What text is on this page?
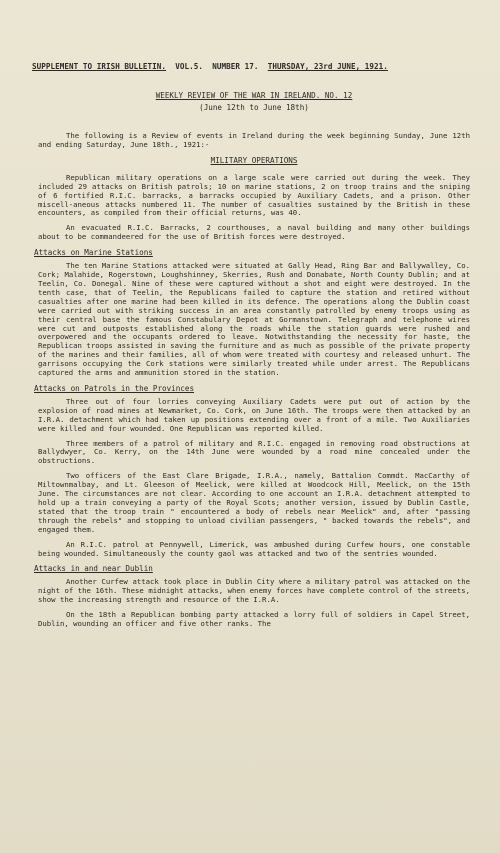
SUPPLEMENT TO IRISH BULLETIN. VOL.5. NUMBER 17. THURSDAY, 23rd JUNE, 1921.
WEEKLY REVIEW OF THE WAR IN IRELAND. NO. 12
(June 12th to June 18th)

The following is a Review of events in Ireland during the week beginning Sunday, June 12th and ending Saturday, June 18th., 1921:-

MILITARY OPERATIONS

Republican military operations on a large scale were carried out during the week. They included 29 attacks on British patrols; 10 on marine stations, 2 on troop trains and the sniping of 6 fortified R.I.C. barracks, a barracks occupied by Auxiliary Cadets, and a prison. Other miscell-aneous attacks numbered 11. The number of casualties sustained by the British in these encounters, as compiled from their official returns, was 40.

An evacuated R.I.C. Barracks, 2 courthouses, a naval building and many other buildings about to be commandeered for the use of British forces were destroyed.

Attacks on Marine Stations

The ten Marine Stations attacked were situated at Gally Head, Ring Bar and Ballywalley, Co. Cork; Malahide, Rogerstown, Loughshinney, Skerries, Rush and Donabate, North County Dublin; and at Teelin, Co. Donegal. Nine of these were captured without a shot and eight were destroyed. In the tenth case, that of Teelin, the Republicans failed to capture the station and retired without casualties after one marine had been killed in its defence. The operations along the Dublin coast were carried out with striking success in an area constantly patrolled by enemy troops using as their central base the famous Constabulary Depot at Gormanstown. Telegraph and telephone wires were cut and outposts established along the roads while the station guards were rushed and overpowered and the occupants ordered to leave. Notwithstanding the necessity for haste, the Republican troops assisted in saving the furniture and as much as possible of the private property of the marines and their families, all of whom were treated with courtesy and released unhurt. The garrisons occupying the Cork stations were similarly treated while under arrest. The Republicans captured the arms and ammunition stored in the station.

Attacks on Patrols in the Provinces

Three out of four lorries conveying Auxiliary Cadets were put out of action by the explosion of road mines at Newmarket, Co. Cork, on June 16th. The troops were then attacked by an I.R.A. detachment which had taken up positions extending over a front of a mile. Two Auxiliaries were killed and four wounded. One Republican was reported killed.

Three members of a patrol of military and R.I.C. engaged in removing road obstructions at Ballydwyer, Co. Kerry, on the 14th June were wounded by a road mine concealed under the obstructions.

Two officers of the East Clare Brigade, I.R.A., namely, Battalion Commdt. MacCarthy of Miltownmalbay, and Lt. Gleeson of Meelick, were killed at Woodcock Hill, Meelick, on the 15th June. The circumstances are not clear. According to one account an I.R.A. detachment attempted to hold up a train conveying a party of the Royal Scots; another version, issued by Dublin Castle, stated that the troop train " encountered a body of rebels near Meelick" and, after "passing through the rebels" and stopping to unload civilian passengers, " backed towards the rebels", and engaged them.

An R.I.C. patrol at Pennywell, Limerick, was ambushed during Curfew hours, one constable being wounded. Simultaneously the county gaol was attacked and two of the sentries wounded.

Attacks in and near Dublin

Another Curfew attack took place in Dublin City where a military patrol was attacked on the night of the 16th. These midnight attacks, when enemy forces have complete control of the streets, show the increasing strength and resource of the I.R.A.

On the 18th a Republican bombing party attacked a lorry full of soldiers in Capel Street, Dublin, wounding an officer and five other ranks. The
